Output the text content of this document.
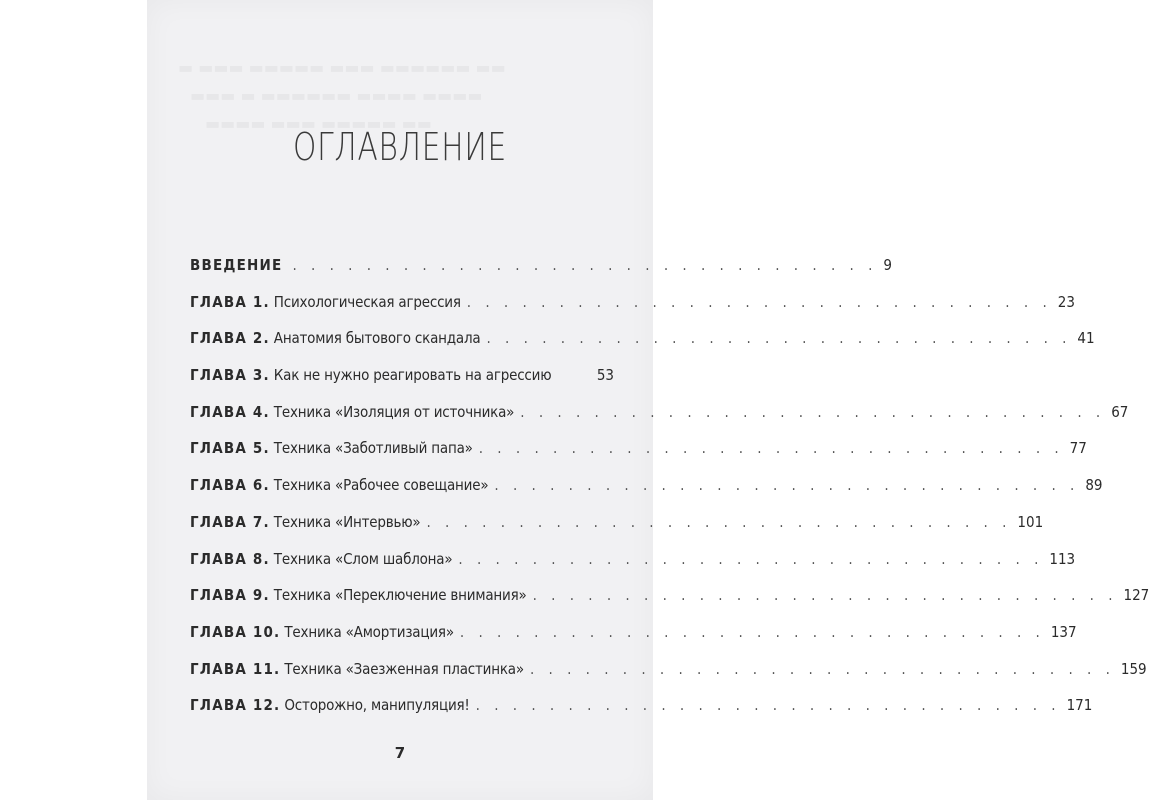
ОГЛАВЛЕНИЕ
ВВЕДЕНИЕ . . . . . . . . . . . . . . . . . . . . . . . . . . . . . . . . 9
ГЛАВА 1. Психологическая агрессия . . . . . . . . . . . . . . . . . . . . . . . . . . . . . . . . 23
ГЛАВА 2. Анатомия бытового скандала . . . . . . . . . . . . . . . . . . . . . . . . . . . . . . . . 41
ГЛАВА 3. Как не нужно реагировать на агрессию	53
ГЛАВА 4. Техника «Изоляция от источника» . . . . . . . . . . . . . . . . . . . . . . . . . . . . . . . . 67
ГЛАВА 5. Техника «Заботливый папа» . . . . . . . . . . . . . . . . . . . . . . . . . . . . . . . . 77
ГЛАВА 6. Техника «Рабочее совещание» . . . . . . . . . . . . . . . . . . . . . . . . . . . . . . . . 89
ГЛАВА 7. Техника «Интервью» . . . . . . . . . . . . . . . . . . . . . . . . . . . . . . . . 101
ГЛАВА 8. Техника «Слом шаблона» . . . . . . . . . . . . . . . . . . . . . . . . . . . . . . . . 113
ГЛАВА 9. Техника «Переключение внимания» . . . . . . . . . . . . . . . . . . . . . . . . . . . . . . . . 127
ГЛАВА 10. Техника «Амортизация» . . . . . . . . . . . . . . . . . . . . . . . . . . . . . . . . 137
ГЛАВА 11. Техника «Заезженная пластинка» . . . . . . . . . . . . . . . . . . . . . . . . . . . . . . . . 159
ГЛАВА 12. Осторожно, манипуляция! . . . . . . . . . . . . . . . . . . . . . . . . . . . . . . . . 171
7
